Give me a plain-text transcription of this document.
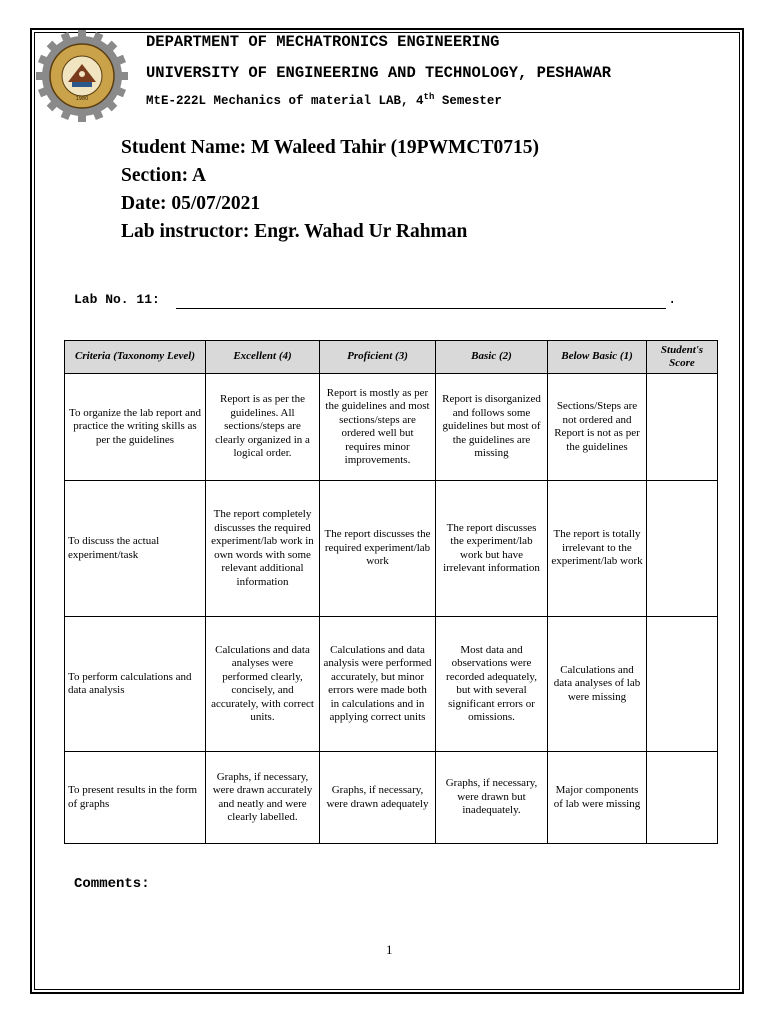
1980
DEPARTMENT OF MECHATRONICS ENGINEERING
UNIVERSITY OF ENGINEERING AND TECHNOLOGY, PESHAWAR
MtE-222L Mechanics of material LAB, 4th Semester
Student Name: M Waleed Tahir (19PWMCT0715)
Section: A
Date: 05/07/2021
Lab instructor: Engr. Wahad Ur Rahman
Lab No. 11:	.
Criteria (Taxonomy Level)	Excellent (4)	Proficient (3)	Basic (2)	Below Basic (1)	Student's Score
To organize the lab report and practice the writing skills as per the guidelines	Report is as per the guidelines. All sections/steps are clearly organized in a logical order.	Report is mostly as per the guidelines and most sections/steps are ordered well but requires minor improvements.	Report is disorganized and follows some guidelines but most of the guidelines are missing	Sections/Steps are not ordered and Report is not as per the guidelines	
To discuss the actual experiment/task	The report completely discusses the required experiment/lab work in own words with some relevant additional information	The report discusses the required experiment/lab work	The report discusses the experiment/lab work but have irrelevant information	The report is totally irrelevant to the experiment/lab work	
To perform calculations and data analysis	Calculations and data analyses were performed clearly, concisely, and accurately, with correct units.	Calculations and data analysis were performed accurately, but minor errors were made both in calculations and in applying correct units	Most data and observations were recorded adequately, but with several significant errors or omissions.	Calculations and data analyses of lab were missing	
To present results in the form of graphs	Graphs, if necessary, were drawn accurately and neatly and were clearly labelled.	Graphs, if necessary, were drawn adequately	Graphs, if necessary, were drawn but inadequately.	Major components of lab were missing	
Comments:
1
